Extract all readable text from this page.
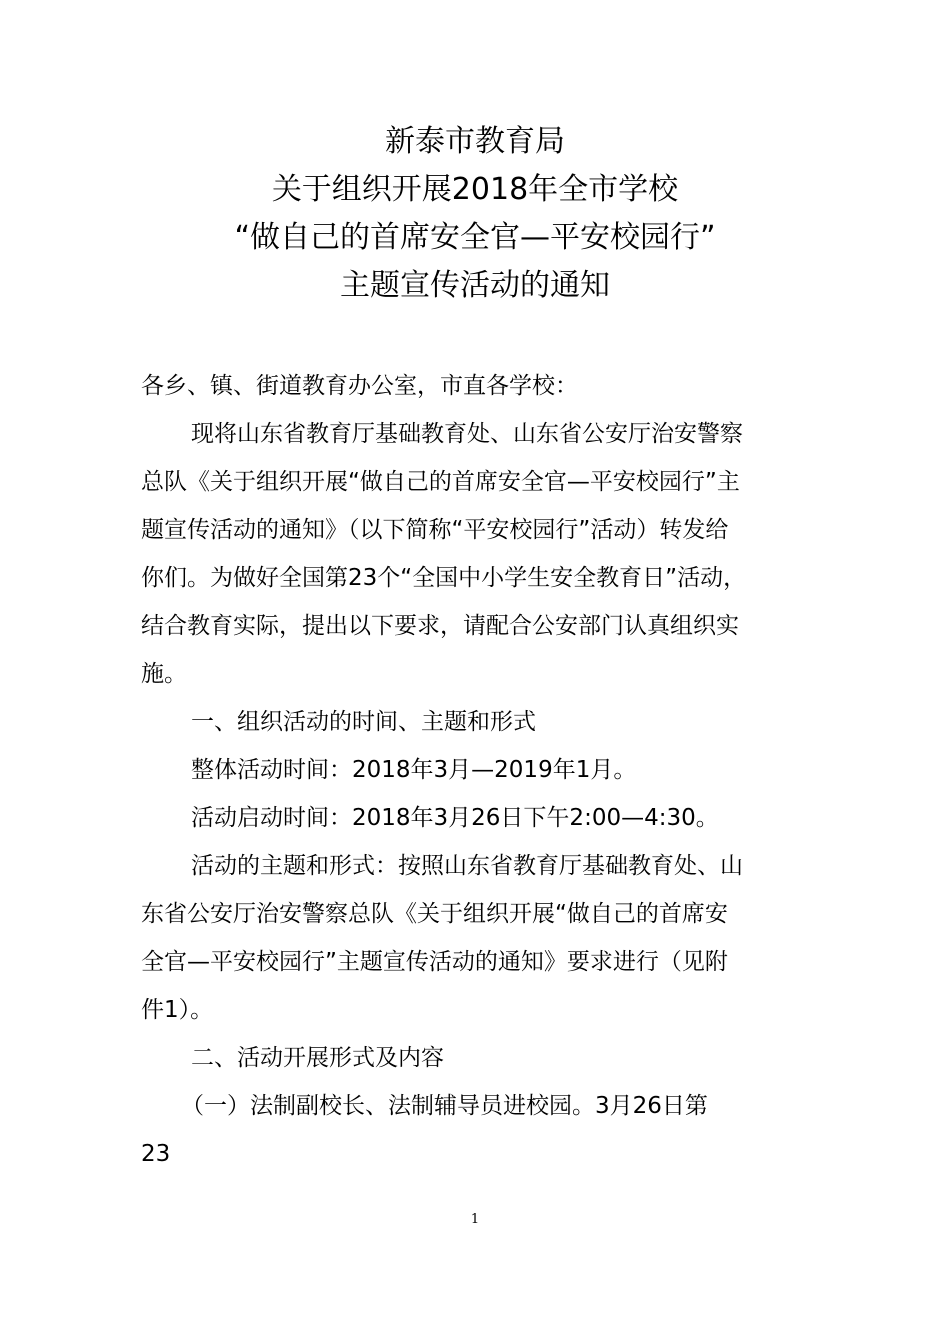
新泰市教育局
关于组织开展2018年全市学校
“做自己的首席安全官—平安校园行”
主题宣传活动的通知
各乡、镇、街道教育办公室，市直各学校：
现将山东省教育厅基础教育处、山东省公安厅治安警察
总队《关于组织开展“做自己的首席安全官—平安校园行”主
题宣传活动的通知》（以下简称“平安校园行”活动）转发给
你们。为做好全国第23个“全国中小学生安全教育日”活动，
结合教育实际，提出以下要求，请配合公安部门认真组织实
施。
一、组织活动的时间、主题和形式
整体活动时间：2018年3月—2019年1月。
活动启动时间：2018年3月26日下午2:00—4:30。
活动的主题和形式：按照山东省教育厅基础教育处、山
东省公安厅治安警察总队《关于组织开展“做自己的首席安
全官—平安校园行”主题宣传活动的通知》要求进行（见附
件1）。
二、活动开展形式及内容
（一）法制副校长、法制辅导员进校园。3月26日第
23
1
